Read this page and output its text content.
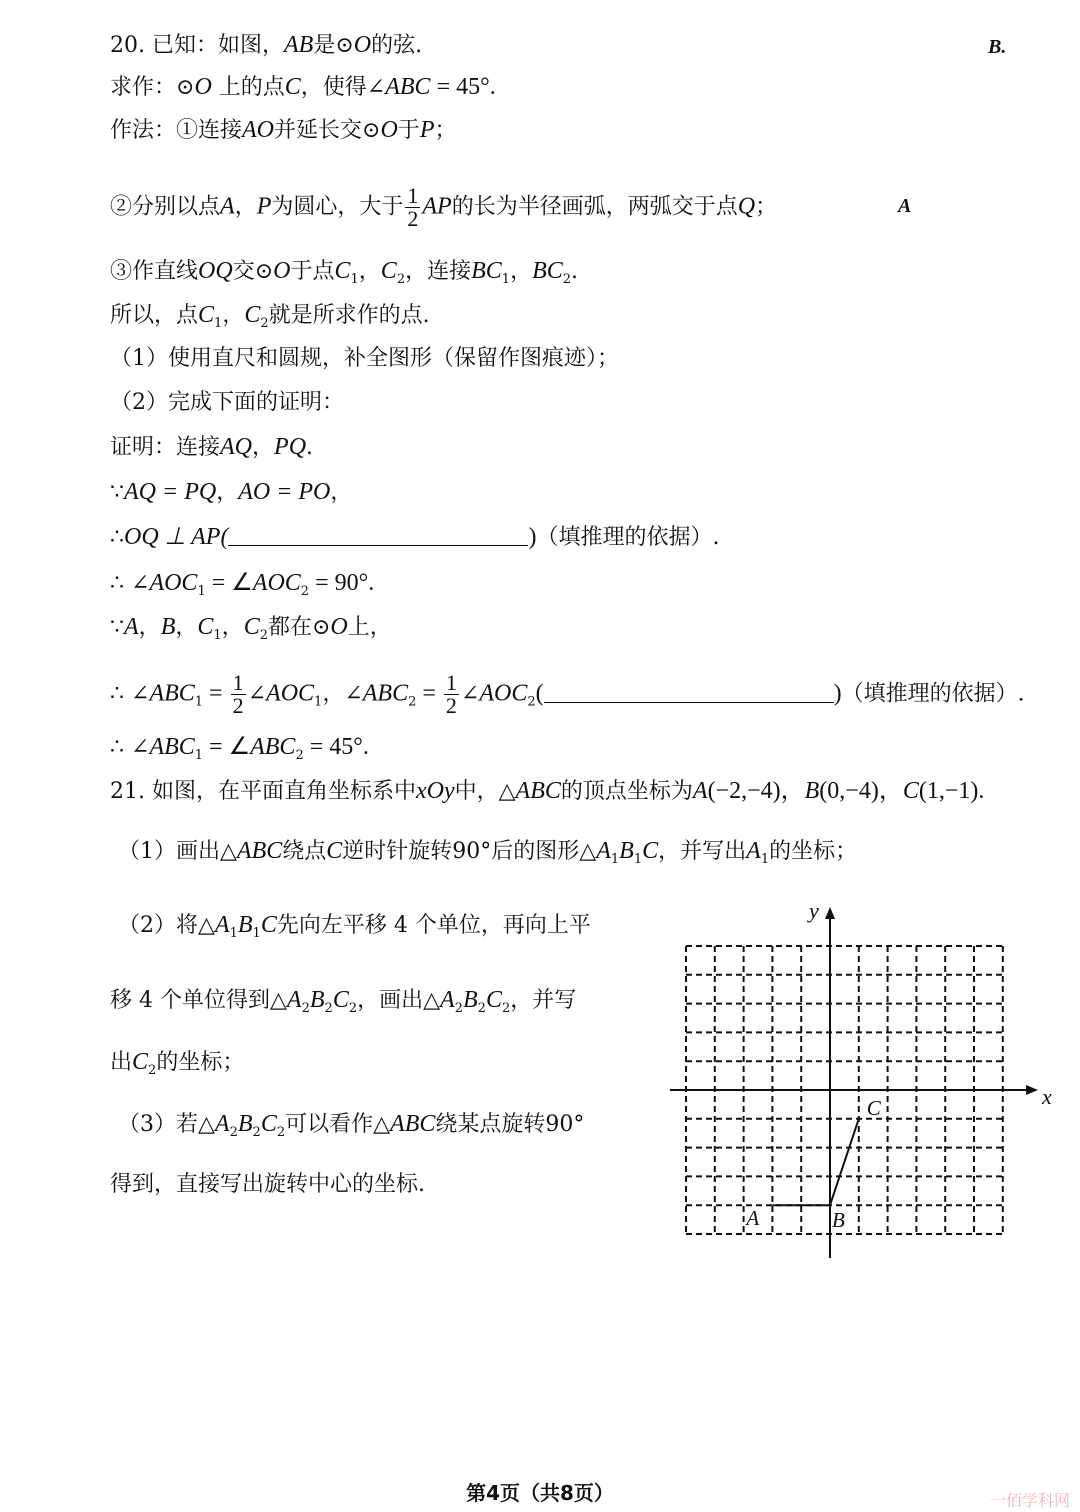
20. 已知：如图，AB是⊙O的弦.
求作：⊙O 上的点C，使得∠ABC = 45°.
作法：①连接AO并延长交⊙O于P；
②分别以点A，P为圆心，大于 $\frac{1}{2}$ AP的长为半径画弧，两弧交于点Q；
③作直线OQ交⊙O于点$C_1$，$C_2$，连接$BC_1$，$BC_2$.
所以，点$C_1$，$C_2$就是所求作的点.
（1）使用直尺和圆规，补全图形（保留作图痕迹）；
（2）完成下面的证明：
证明：连接AQ，PQ.
∵AQ = PQ，AO = PO，
∴OQ ⊥ AP(	)（填推理的依据）.
∴ $\angle AOC_1$ = $\angle AOC_2 = 90^\circ$.
∵A，B，$C_1$，$C_2$都在⊙O上，
∴ $\angle ABC_1 = \frac{1}{2}$ $\angle AOC_1$，$\angle ABC_2 = \frac{1}{2}$ $\angle AOC_2$(	)（填推理的依据）.
∴ $\angle ABC_1$ = $\angle ABC_2 = 45^\circ$.
B.
A
21. 如图，在平面直角坐标系中xOy中，△ABC的顶点坐标为A(−2,−4)，B(0,−4)，C(1,−1).
（1）画出△ABC绕点C逆时针旋转90°后的图形$\triangle A_1B_1C$，并写出$A_1$的坐标；
（2）将$\triangle A_1B_1C$先向左平移 4 个单位，再向上平
移 4 个单位得到$\triangle A_2B_2C_2$，画出$\triangle A_2B_2C_2$，并写
出$C_2$的坐标；
（3）若$\triangle A_2B_2C_2$可以看作△ABC绕某点旋转90°
得到，直接写出旋转中心的坐标.
x
y
A	B
C
第4页（共8页）	一佰学科网
